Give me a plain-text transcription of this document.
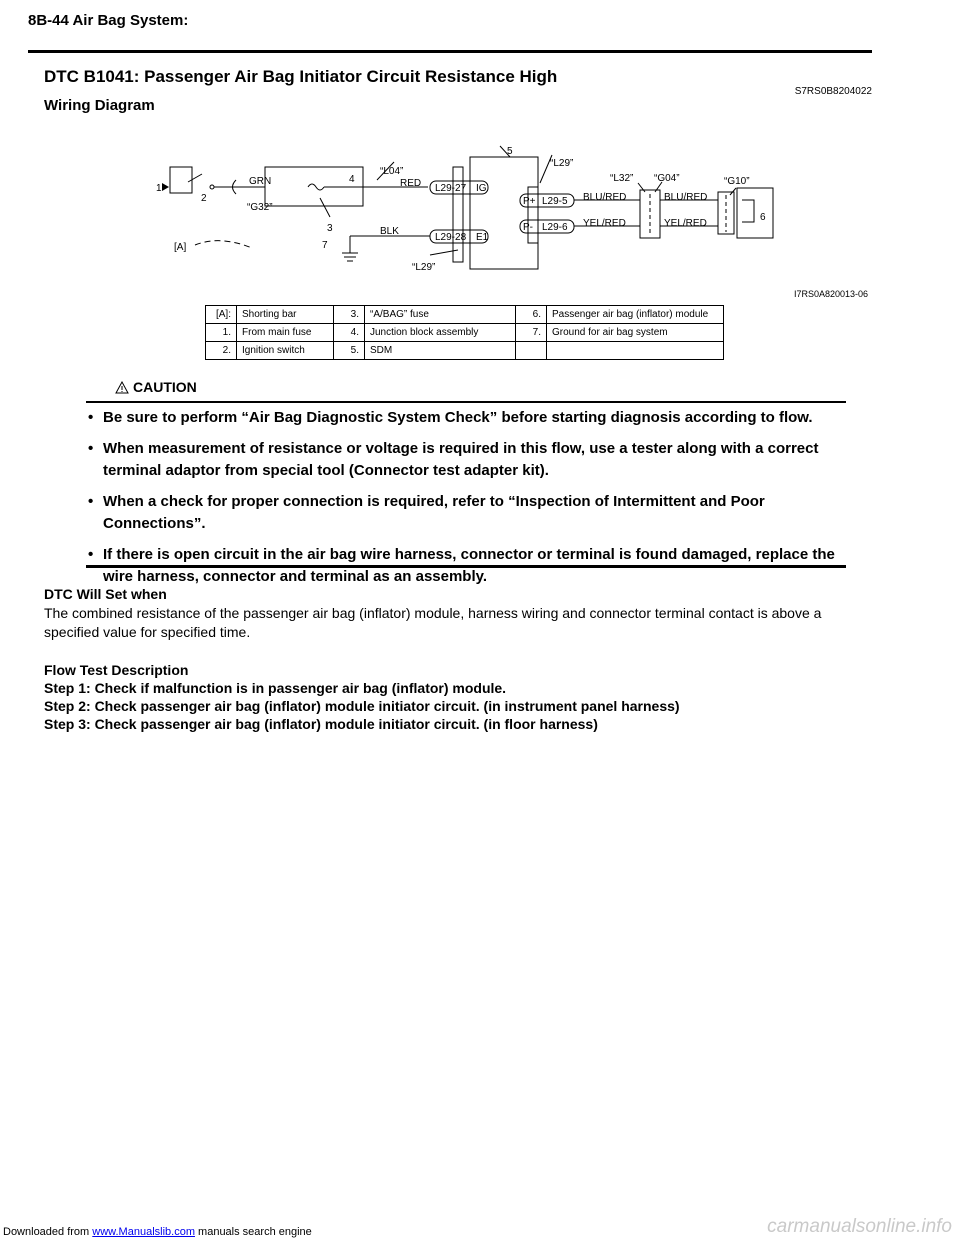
8B-44 Air Bag System:
DTC B1041: Passenger Air Bag Initiator Circuit Resistance High
S7RS0B8204022
Wiring Diagram
1
2
3
4
5
6
7
[A]
GRN
“G32”
“L04”
RED
BLK
“L29”
“L29”
L29-27 IG
L29-28 E1
P+
P-
L29-5
L29-6
“L32” “G04”	“G10”
BLU/RED
YEL/RED
BLU/RED
YEL/RED
I7RS0A820013-06
[A]:	Shorting bar	3.	“A/BAG” fuse	6.	Passenger air bag (inflator) module
1.	From main fuse	4.	Junction block assembly	7.	Ground for air bag system
2.	Ignition switch	5.	SDM		
CAUTION
• Be sure to perform “Air Bag Diagnostic System Check” before starting diagnosis according to flow.
• When measurement of resistance or voltage is required in this flow, use a tester along with a correct terminal adaptor from special tool (Connector test adapter kit).
• When a check for proper connection is required, refer to “Inspection of Intermittent and Poor Connections”.
• If there is open circuit in the air bag wire harness, connector or terminal is found damaged, replace the wire harness, connector and terminal as an assembly.
DTC Will Set when
The combined resistance of the passenger air bag (inflator) module, harness wiring and connector terminal contact is above a specified value for specified time.
Flow Test Description
Step 1: Check if malfunction is in passenger air bag (inflator) module.
Step 2: Check passenger air bag (inflator) module initiator circuit. (in instrument panel harness)
Step 3: Check passenger air bag (inflator) module initiator circuit. (in floor harness)
Downloaded from www.Manualslib.com manuals search engine	carmanualsonline.info
